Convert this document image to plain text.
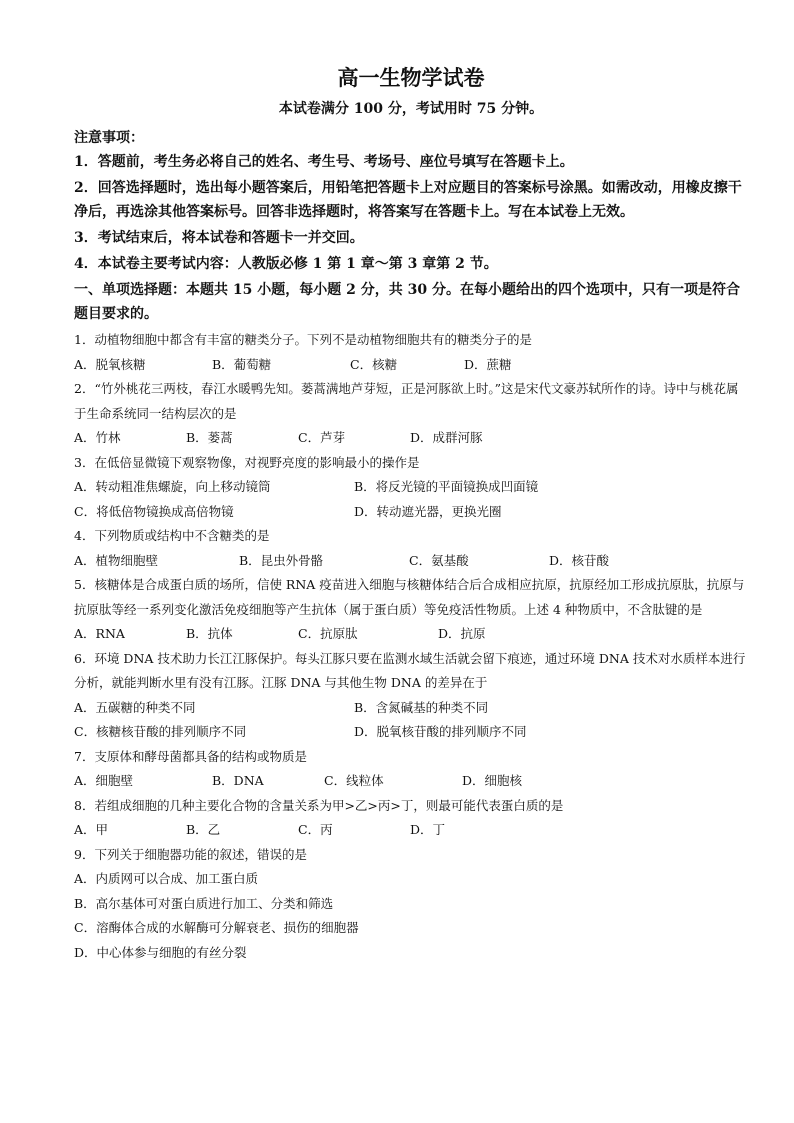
高一生物学试卷
本试卷满分 100 分，考试用时 75 分钟。
注意事项：
1．答题前，考生务必将自己的姓名、考生号、考场号、座位号填写在答题卡上。
2．回答选择题时，选出每小题答案后，用铅笔把答题卡上对应题目的答案标号涂黑。如需改动，用橡皮擦干净后，再选涂其他答案标号。回答非选择题时，将答案写在答题卡上。写在本试卷上无效。
3．考试结束后，将本试卷和答题卡一并交回。
4．本试卷主要考试内容：人教版必修 1 第 1 章～第 3 章第 2 节。
一、单项选择题：本题共 15 小题，每小题 2 分，共 30 分。在每小题给出的四个选项中，只有一项是符合题目要求的。
1．动植物细胞中都含有丰富的糖类分子。下列不是动植物细胞共有的糖类分子的是
A．脱氧核糖	B．葡萄糖	C．核糖	D．蔗糖
2．“竹外桃花三两枝，春江水暖鸭先知。蒌蒿满地芦芽短，正是河豚欲上时。”这是宋代文豪苏轼所作的诗。诗中与桃花属于生命系统同一结构层次的是
A．竹林	B．蒌蒿	C．芦芽	D．成群河豚
3．在低倍显微镜下观察物像，对视野亮度的影响最小的操作是
A．转动粗准焦螺旋，向上移动镜筒	B．将反光镜的平面镜换成凹面镜
C．将低倍物镜换成高倍物镜	D．转动遮光器，更换光圈
4．下列物质或结构中不含糖类的是
A．植物细胞壁	B．昆虫外骨骼	C．氨基酸	D．核苷酸
5．核糖体是合成蛋白质的场所，信使 RNA 疫苗进入细胞与核糖体结合后合成相应抗原，抗原经加工形成抗原肽，抗原与抗原肽等经一系列变化激活免疫细胞等产生抗体（属于蛋白质）等免疫活性物质。上述 4 种物质中，不含肽键的是
A．RNA	B．抗体	C．抗原肽	D．抗原
6．环境 DNA 技术助力长江江豚保护。每头江豚只要在监测水域生活就会留下痕迹，通过环境 DNA 技术对水质样本进行分析，就能判断水里有没有江豚。江豚 DNA 与其他生物 DNA 的差异在于
A．五碳糖的种类不同	B．含氮碱基的种类不同
C．核糖核苷酸的排列顺序不同	D．脱氧核苷酸的排列顺序不同
7．支原体和酵母菌都具备的结构或物质是
A．细胞壁	B．DNA	C．线粒体	D．细胞核
8．若组成细胞的几种主要化合物的含量关系为甲>乙>丙>丁，则最可能代表蛋白质的是
A．甲	B．乙	C．丙	D．丁
9．下列关于细胞器功能的叙述，错误的是
A．内质网可以合成、加工蛋白质
B．高尔基体可对蛋白质进行加工、分类和筛选
C．溶酶体合成的水解酶可分解衰老、损伤的细胞器
D．中心体参与细胞的有丝分裂
